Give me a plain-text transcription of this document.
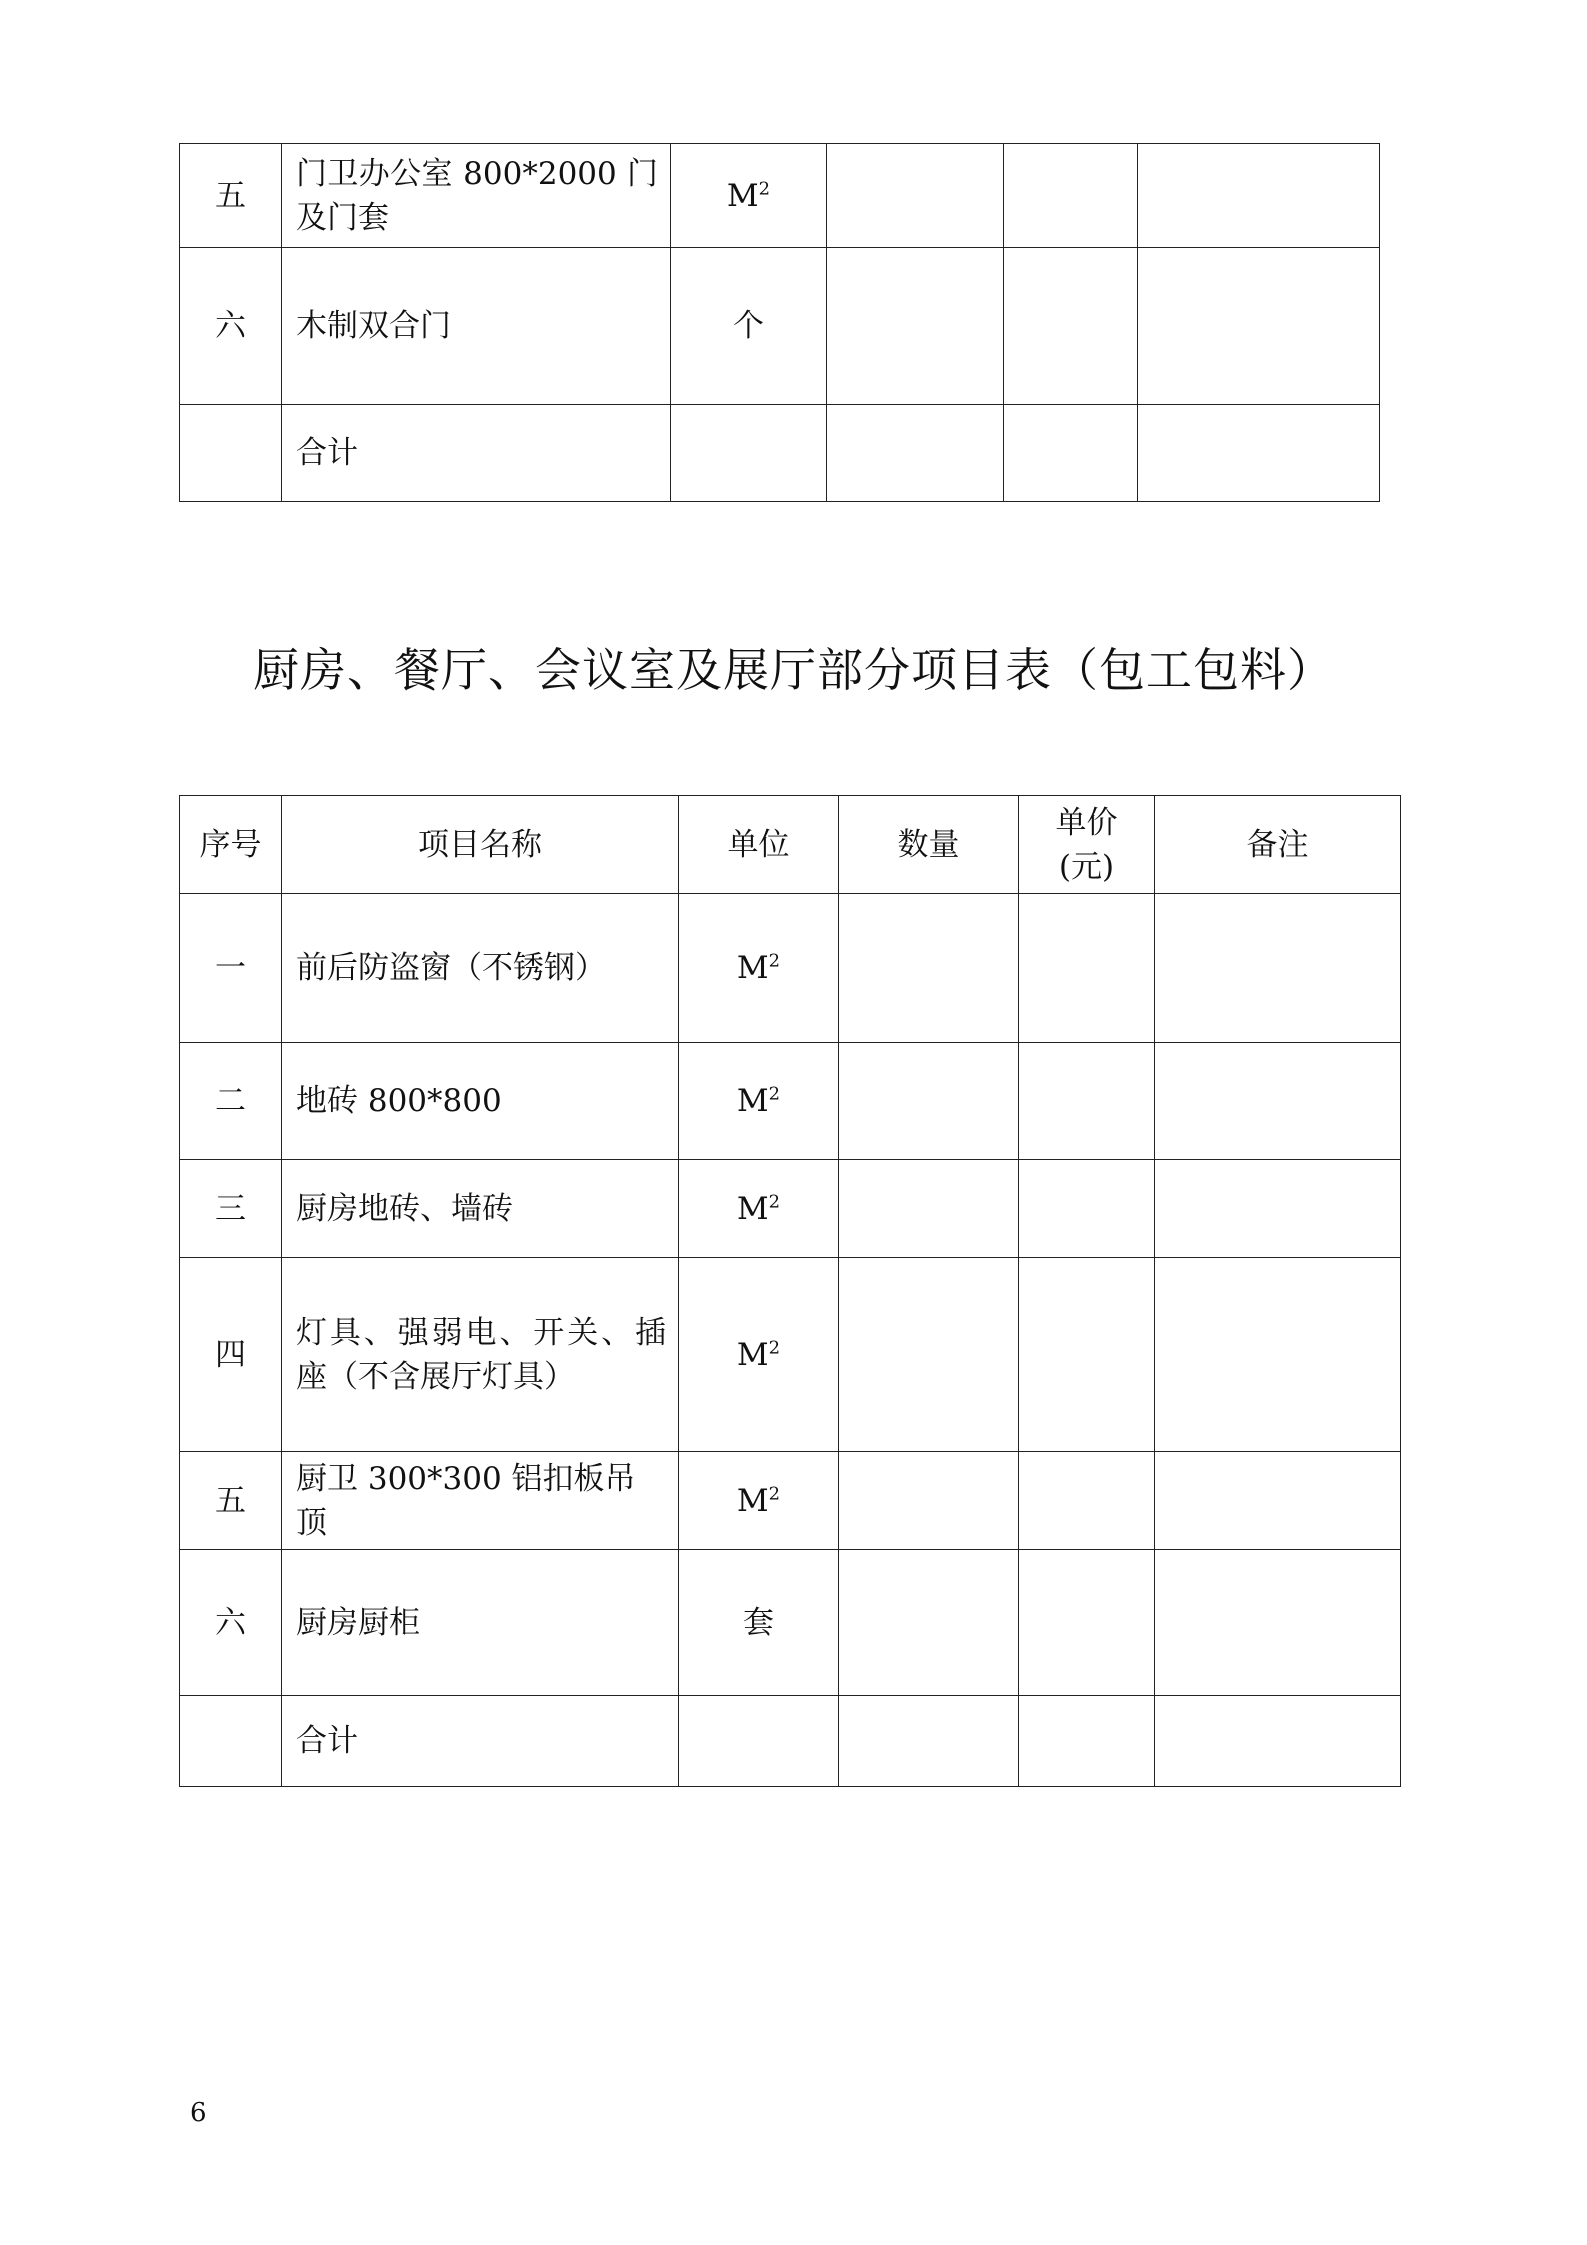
五	门卫办公室 800*2000 门及门套	$M^2$			
六	木制双合门	个			
	合计				
厨房、餐厅、会议室及展厅部分项目表（包工包料）
序号	项目名称	单位	数量	单价(元)	备注
一	前后防盗窗（不锈钢）	$M^2$			
二	地砖 800*800	$M^2$			
三	厨房地砖、墙砖	$M^2$			
四	灯具、强弱电、开关、插座（不含展厅灯具）	$M^2$			
五	厨卫 300*300 铝扣板吊顶	$M^2$			
六	厨房厨柜	套			
	合计				
6
